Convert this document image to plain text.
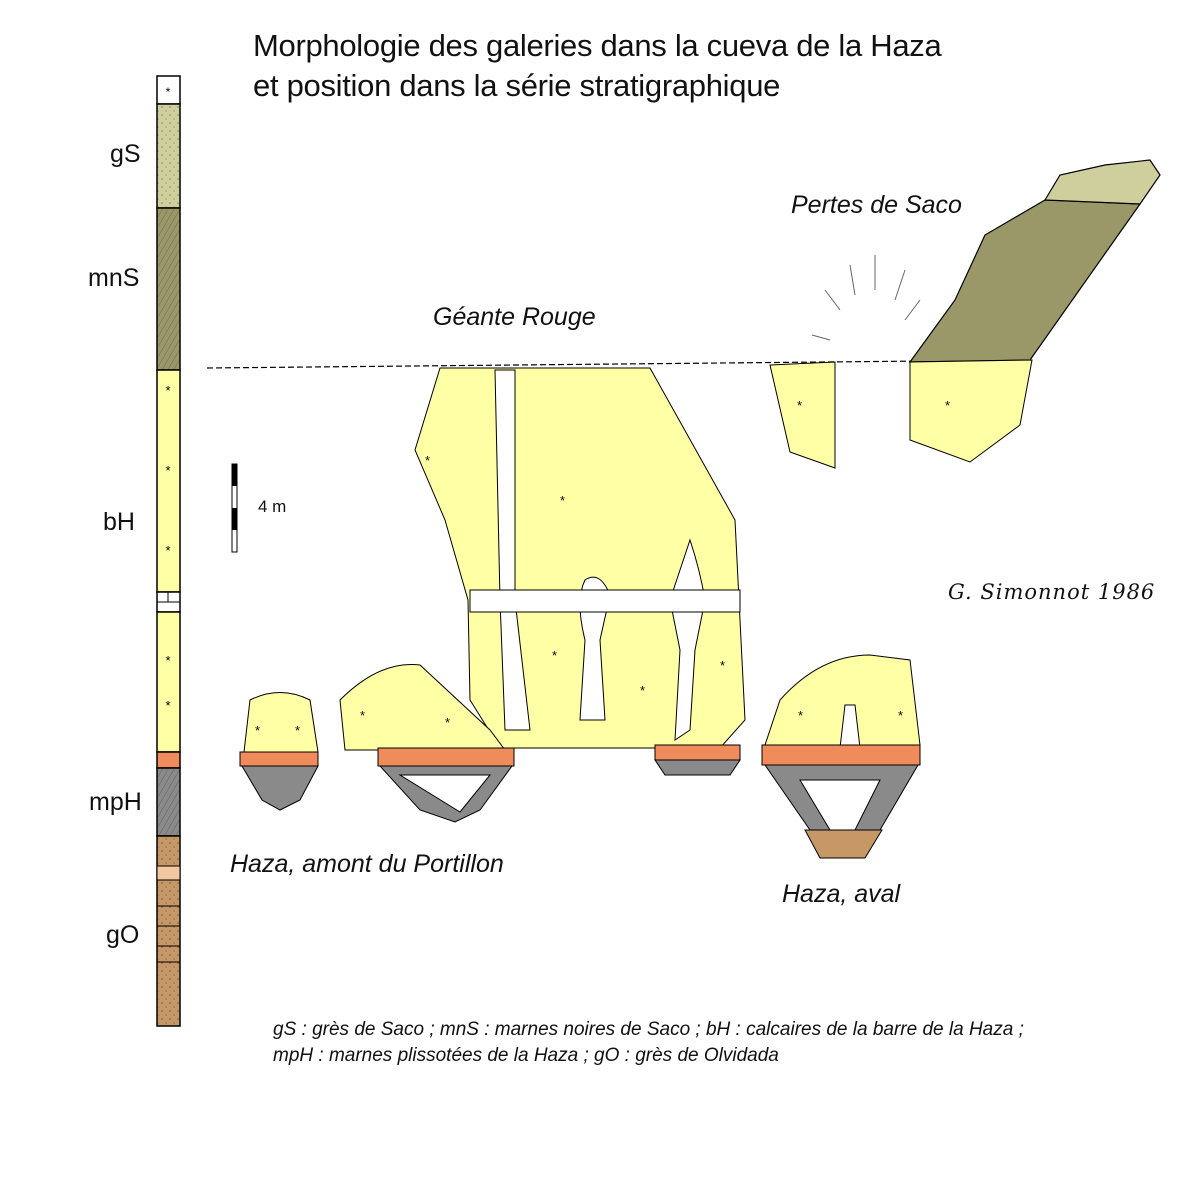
Morphologie des galeries dans la cueva de la Haza
et position dans la série stratigraphique
gS
mnS
bH
mpH
gO
Pertes de Saco
Géante Rouge
Haza, amont du Portillon
Haza, aval
4 m
G. Simonnot 1986
gS : grès de Saco ; mnS : marnes noires de Saco ; bH : calcaires de la barre de la Haza ;
mpH : marnes plissotées de la Haza ; gO : grès de Olvidada
*
*
*
*
*
*
*	*
*
*
*
*
*
*	*
*	*	*	*
